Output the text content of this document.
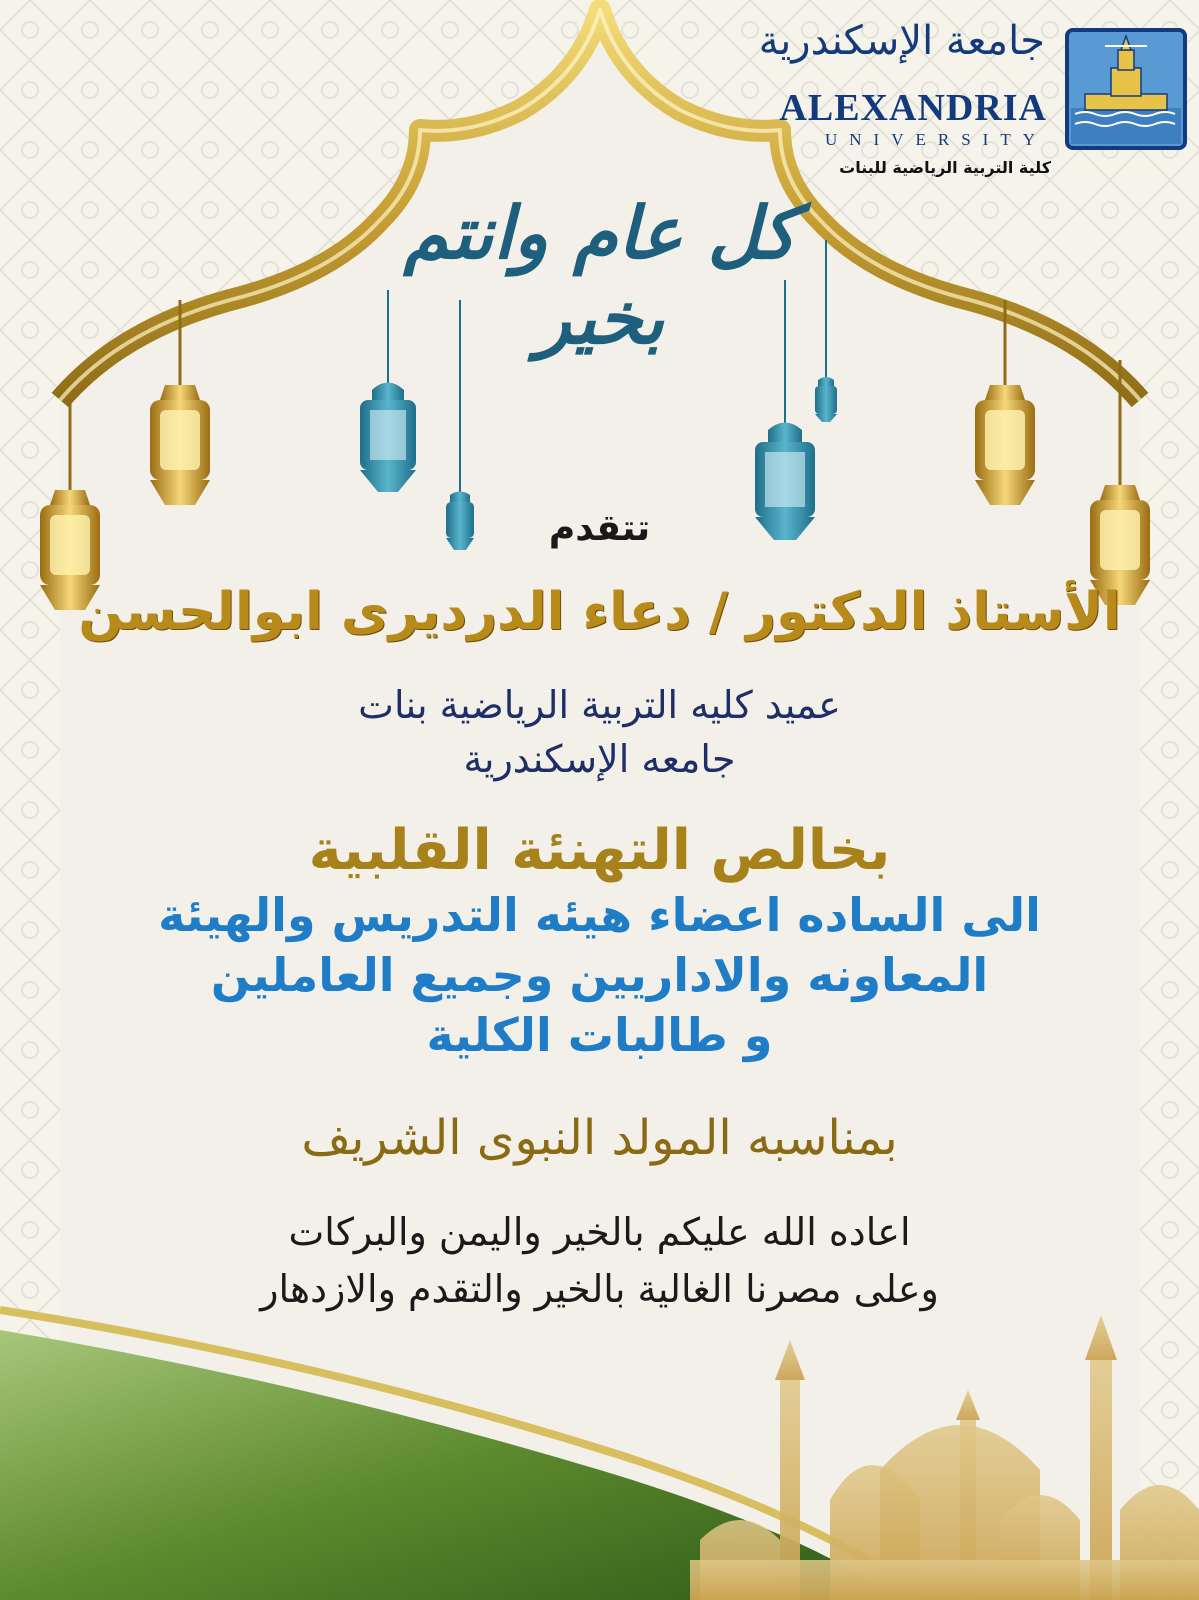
جامعة الإسكندرية
ALEXANDRIA
UNIVERSITY
كلية التربية الرياضية للبنات

كل عام وانتم بخير

تتقدم

الأستاذ الدكتور / دعاء الدرديرى ابوالحسن

عميد كليه التربية الرياضية بنات

جامعه الإسكندرية

بخالص التهنئة القلبية

الى الساده اعضاء هيئه التدريس والهيئة

المعاونه والاداريين وجميع العاملين

و طالبات الكلية

بمناسبه المولد النبوى الشريف

اعاده الله عليكم بالخير واليمن والبركات

وعلى مصرنا الغالية بالخير والتقدم والازدهار
